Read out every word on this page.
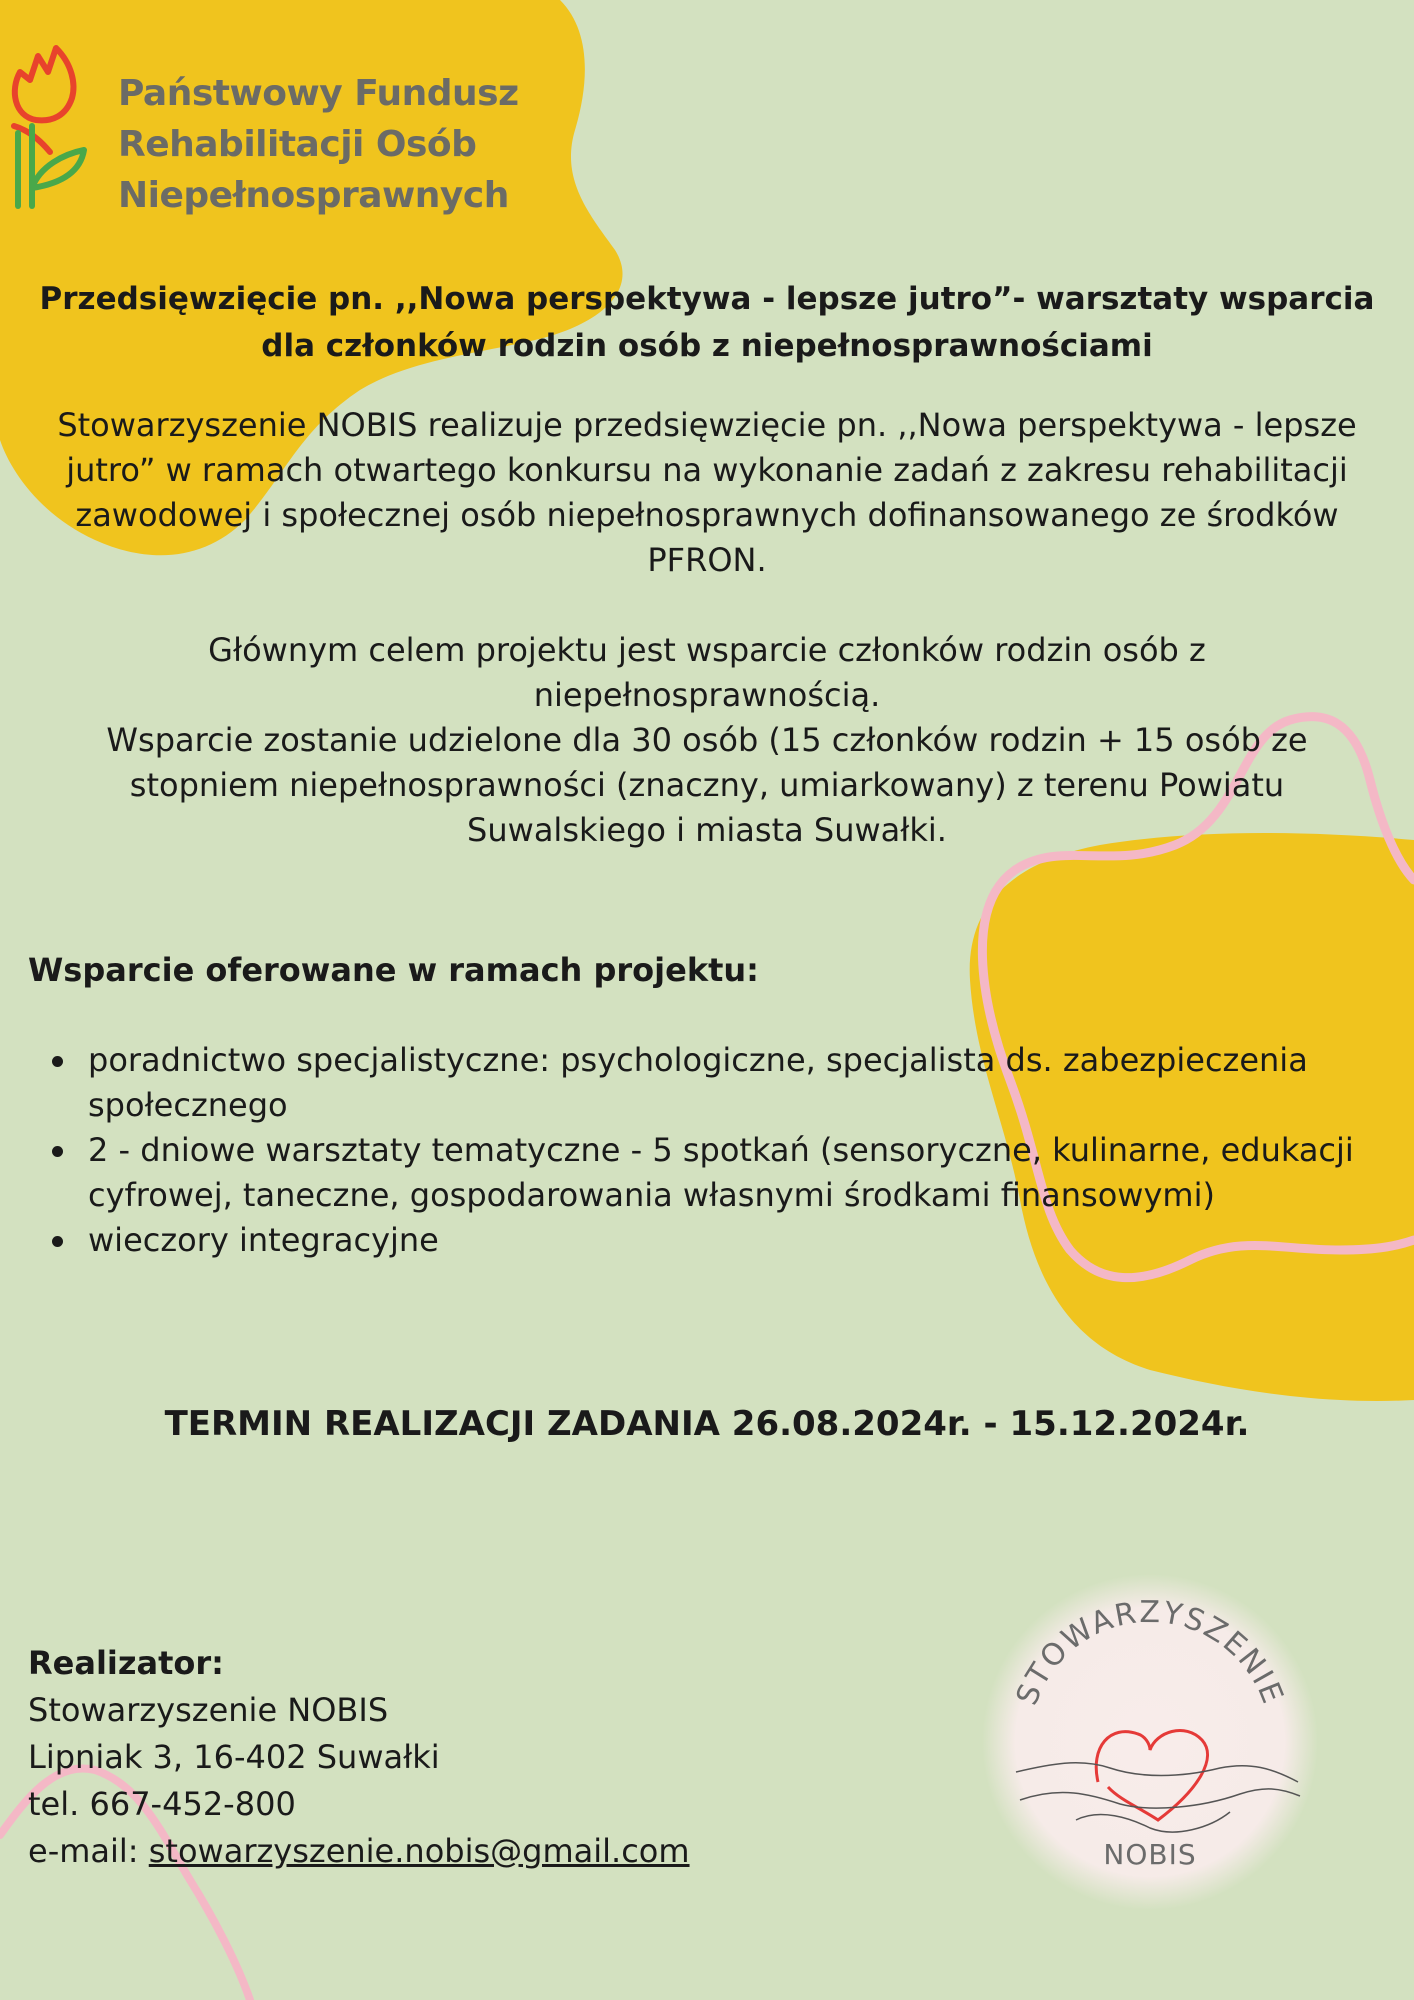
Państwowy Fundusz
Rehabilitacji Osób
Niepełnosprawnych
Przedsięwzięcie pn. ,,Nowa perspektywa - lepsze jutro”- warsztaty wsparcia dla członków rodzin osób z niepełnosprawnościami

Stowarzyszenie NOBIS realizuje przedsięwzięcie pn. ,,Nowa perspektywa - lepsze jutro” w ramach otwartego konkursu na wykonanie zadań z zakresu rehabilitacji zawodowej i społecznej osób niepełnosprawnych dofinansowanego ze środków PFRON.

Głównym celem projektu jest wsparcie członków rodzin osób z niepełnosprawnością.

Wsparcie zostanie udzielone dla 30 osób (15 członków rodzin + 15 osób ze stopniem niepełnosprawności (znaczny, umiarkowany) z terenu Powiatu Suwalskiego i miasta Suwałki.

Wsparcie oferowane w ramach projektu:
poradnictwo specjalistyczne: psychologiczne, specjalista ds. zabezpieczenia społecznego
2 - dniowe warsztaty tematyczne - 5 spotkań (sensoryczne, kulinarne, edukacji cyfrowej, taneczne, gospodarowania własnymi środkami finansowymi)
wieczory integracyjne
TERMIN REALIZACJI ZADANIA 26.08.2024r. - 15.12.2024r.
Realizator:
Stowarzyszenie NOBIS
Lipniak 3, 16-402 Suwałki
tel. 667-452-800
e-mail: stowarzyszenie.nobis@gmail.com
STOWARZYSZENIE
NOBIS
